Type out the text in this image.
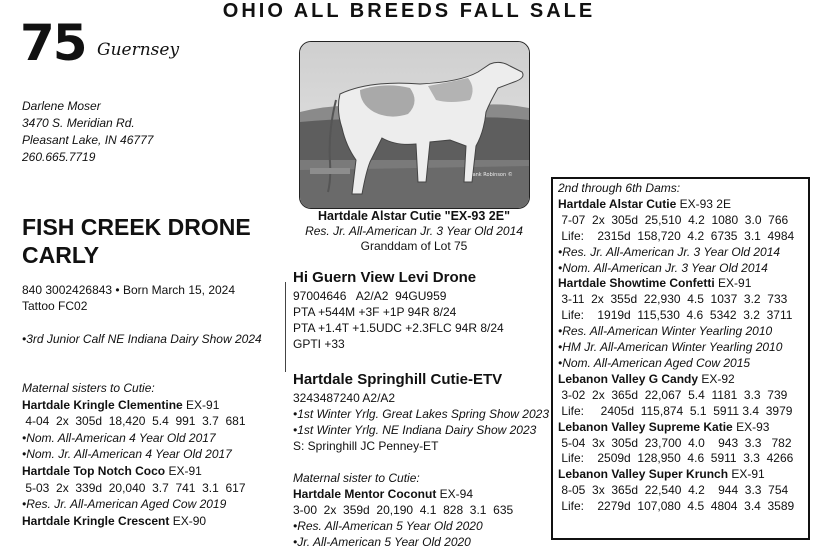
OHIO ALL BREEDS FALL SALE
75 Guernsey
Darlene Moser
3470 S. Meridian Rd.
Pleasant Lake, IN 46777
260.665.7719
Frank Robinson ©
Hartdale Alstar Cutie "EX-93 2E"
Res. Jr. All-American Jr. 3 Year Old 2014
Granddam of Lot 75
FISH CREEK DRONE
CARLY
840 3002426843 • Born March 15, 2024
Tattoo FC02
•3rd Junior Calf NE Indiana Dairy Show 2024
Maternal sisters to Cutie:
Hartdale Kringle Clementine EX-91
4-04  2x  305d  18,420  5.4  991  3.7  681
•Nom. All-American 4 Year Old 2017
•Nom. Jr. All-American 4 Year Old 2017
Hartdale Top Notch Coco EX-91
5-03  2x  339d  20,040  3.7  741  3.1  617
•Res. Jr. All-American Aged Cow 2019
Hartdale Kringle Crescent EX-90
Hi Guern View Levi Drone
97004646   A2/A2  94GU959
PTA +544M +3F +1P 94R 8/24
PTA +1.4T +1.5UDC +2.3FLC 94R 8/24
GPTI +33
Hartdale Springhill Cutie-ETV
3243487240 A2/A2
•1st Winter Yrlg. Great Lakes Spring Show 2023
•1st Winter Yrlg. NE Indiana Dairy Show 2023
S: Springhill JC Penney-ET
Maternal sister to Cutie:
Hartdale Mentor Coconut EX-94
3-00  2x  359d  20,190  4.1  828  3.1  635
•Res. All-American 5 Year Old 2020
•Jr. All-American 5 Year Old 2020
2nd through 6th Dams:
Hartdale Alstar Cutie EX-93 2E
7-07  2x  305d  25,510  4.2  1080  3.0  766
Life:    2315d  158,720  4.2  6735  3.1  4984
•Res. Jr. All-American Jr. 3 Year Old 2014
•Nom. All-American Jr. 3 Year Old 2014
Hartdale Showtime Confetti EX-91
3-11  2x  355d  22,930  4.5  1037  3.2  733
Life:    1919d  115,530  4.6  5342  3.2  3711
•Res. All-American Winter Yearling 2010
•HM Jr. All-American Winter Yearling 2010
•Nom. All-American Aged Cow 2015
Lebanon Valley G Candy EX-92
3-02  2x  365d  22,067  5.4  1181  3.3  739
Life:     2405d  115,874  5.1  5911 3.4  3979
Lebanon Valley Supreme Katie EX-93
5-04  3x  305d  23,700  4.0    943  3.3   782
Life:    2509d  128,950  4.6  5911  3.3  4266
Lebanon Valley Super Krunch EX-91
8-05  3x  365d  22,540  4.2    944  3.3  754
Life:    2279d  107,080  4.5  4804  3.4  3589
